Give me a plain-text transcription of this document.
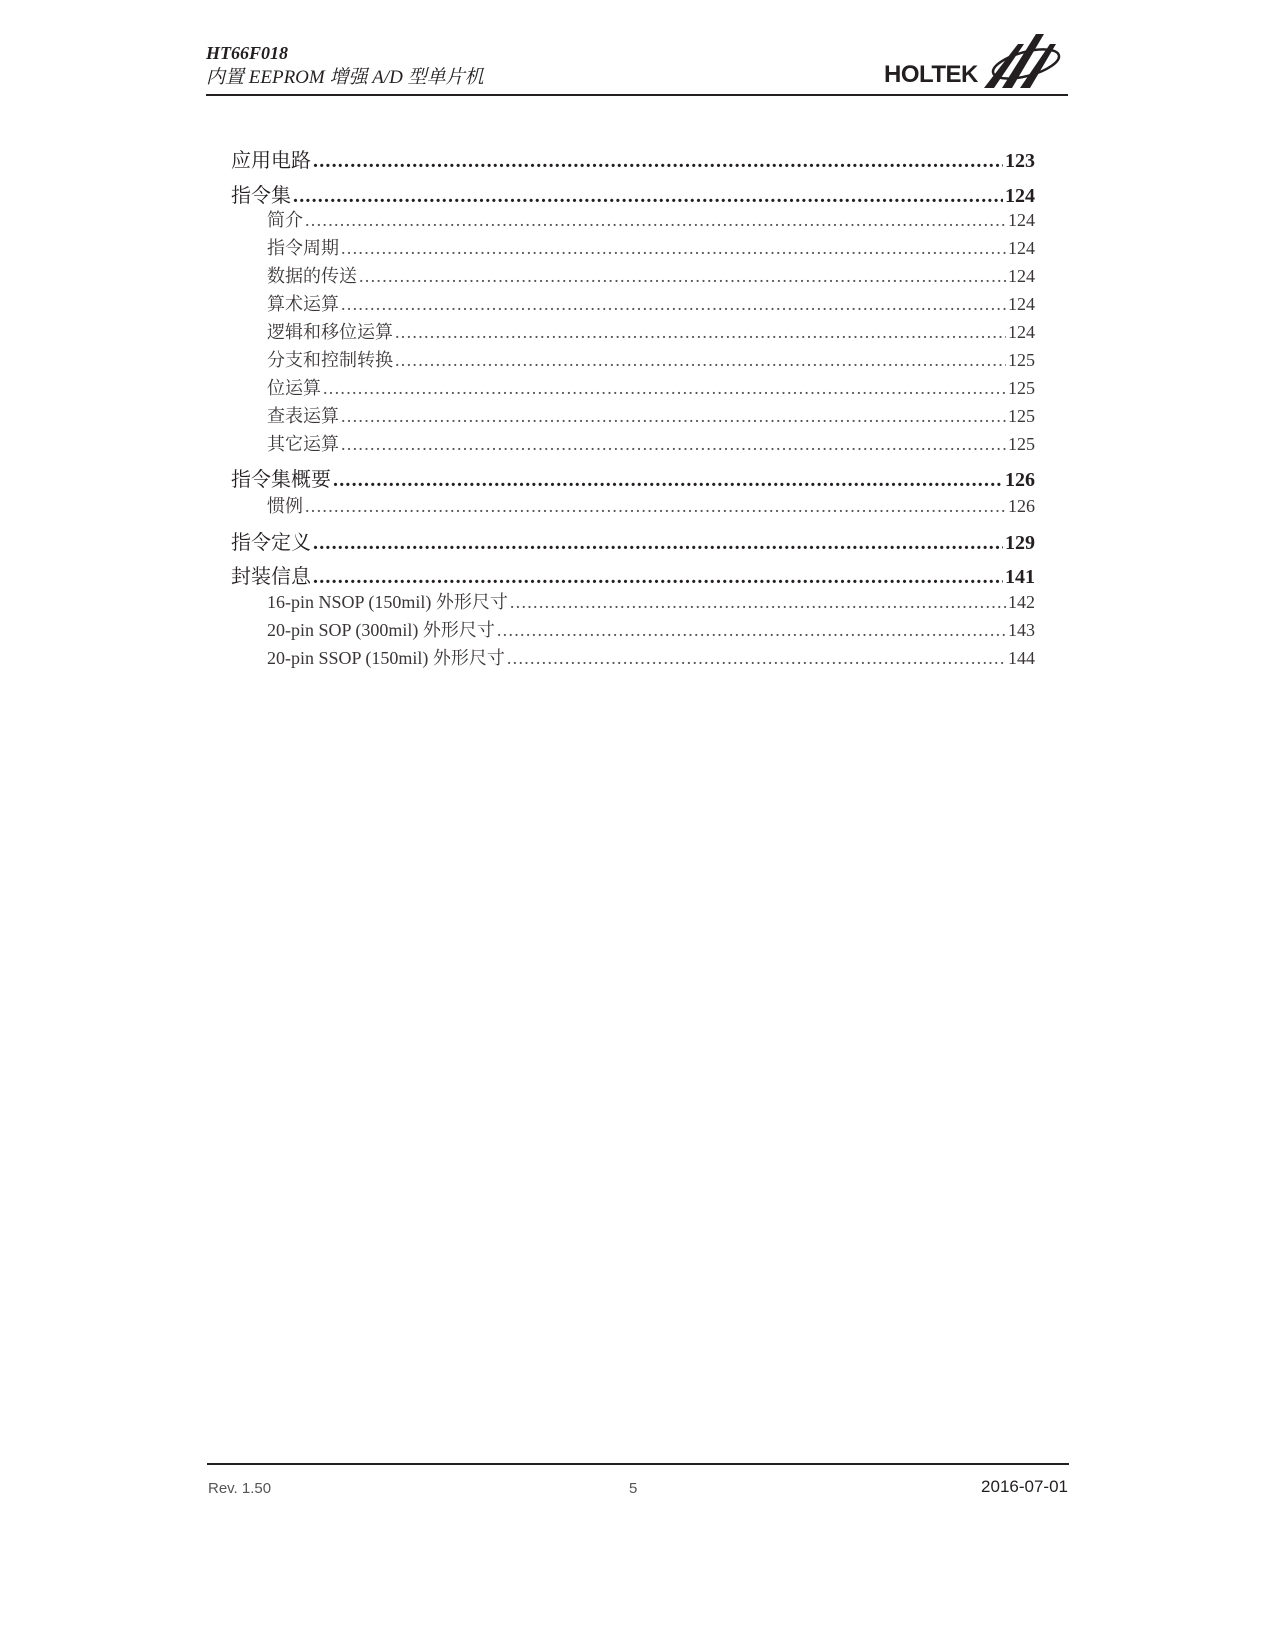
HT66F018
内置 EEPROM 增强 A/D 型单片机	HOLTEK
应用电路 .....	123
指令集 .....	124
简介 .....	124
指令周期 .....	124
数据的传送 .....	124
算术运算 .....	124
逻辑和移位运算 .....	124
分支和控制转换 .....	125
位运算 .....	125
查表运算 .....	125
其它运算 .....	125
指令集概要 .....	126
惯例 .....	126
指令定义 .....	129
封装信息 .....	141
16-pin NSOP (150mil) 外形尺寸 .....	142
20-pin SOP (300mil) 外形尺寸 .....	143
20-pin SSOP (150mil) 外形尺寸 .....	144
Rev. 1.50	5	2016-07-01
